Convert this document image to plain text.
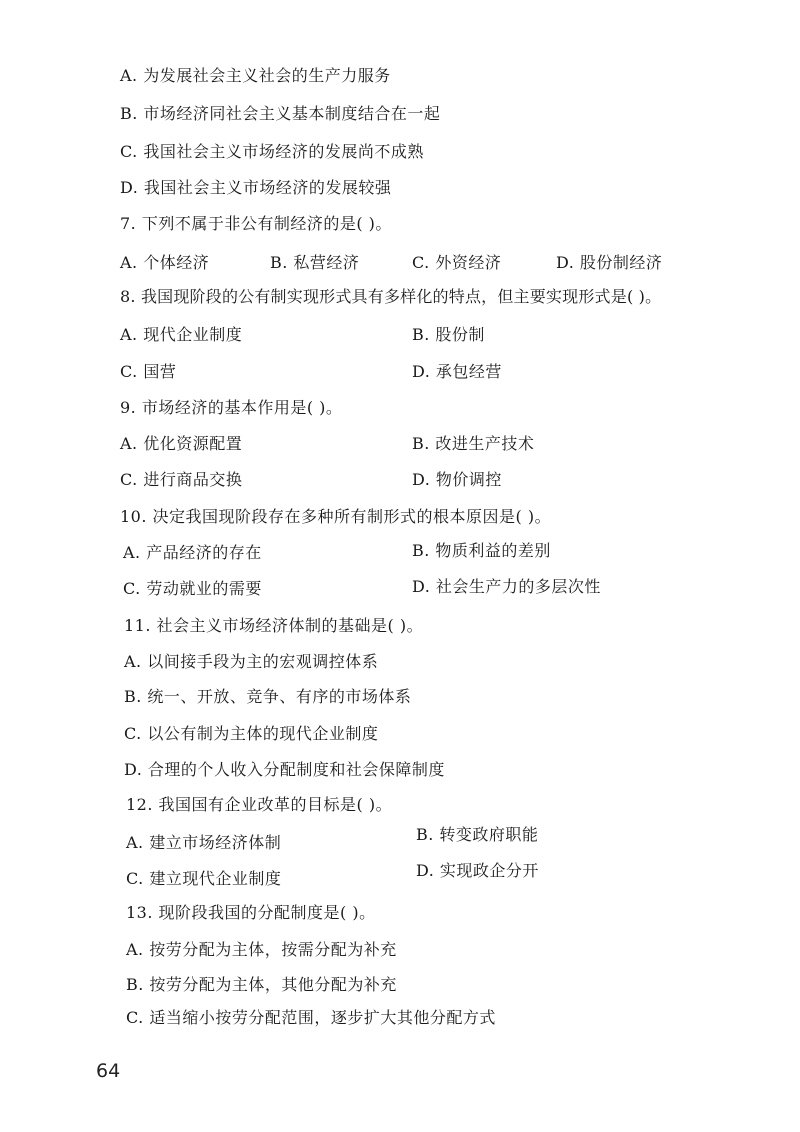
A. 为发展社会主义社会的生产力服务
B. 市场经济同社会主义基本制度结合在一起
C. 我国社会主义市场经济的发展尚不成熟
D. 我国社会主义市场经济的发展较强
7. 下列不属于非公有制经济的是( )。
A. 个体经济	B. 私营经济	C. 外资经济	D. 股份制经济
8. 我国现阶段的公有制实现形式具有多样化的特点，但主要实现形式是( )。
A. 现代企业制度	B. 股份制
C. 国营	D. 承包经营
9. 市场经济的基本作用是( )。
A. 优化资源配置	B. 改进生产技术
C. 进行商品交换	D. 物价调控
10. 决定我国现阶段存在多种所有制形式的根本原因是( )。
A. 产品经济的存在	B. 物质利益的差别
C. 劳动就业的需要	D. 社会生产力的多层次性
11. 社会主义市场经济体制的基础是( )。
A. 以间接手段为主的宏观调控体系
B. 统一、开放、竞争、有序的市场体系
C. 以公有制为主体的现代企业制度
D. 合理的个人收入分配制度和社会保障制度
12. 我国国有企业改革的目标是( )。
A. 建立市场经济体制	B. 转变政府职能
C. 建立现代企业制度	D. 实现政企分开
13. 现阶段我国的分配制度是( )。
A. 按劳分配为主体，按需分配为补充
B. 按劳分配为主体，其他分配为补充
C. 适当缩小按劳分配范围，逐步扩大其他分配方式
64
